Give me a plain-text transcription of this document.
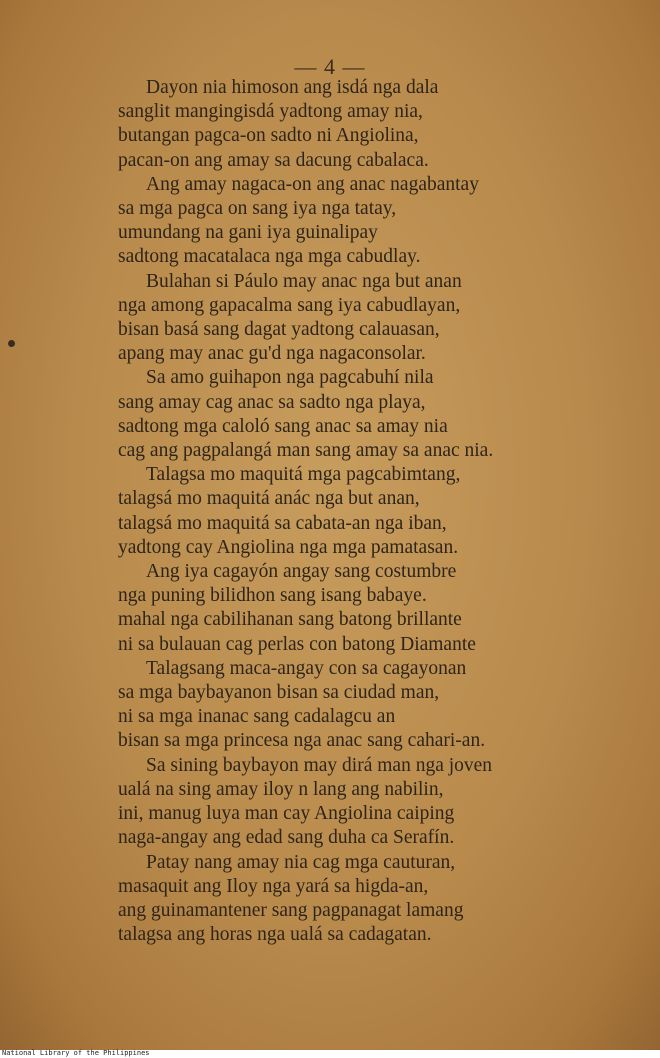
— 4 —
Dayon nia himoson ang isdá nga dala
sanglit mangingisdá yadtong amay nia,
butangan pagca-on sadto ni Angiolina,
pacan-on ang amay sa dacung cabalaca.
Ang amay nagaca-on ang anac nagabantay
sa mga pagca on sang iya nga tatay,
umundang na gani iya guinalipay
sadtong macatalaca nga mga cabudlay.
Bulahan si Páulo may anac nga but anan
nga among gapacalma sang iya cabudlayan,
bisan basá sang dagat yadtong calauasan,
apang may anac gu'd nga nagaconsolar.
Sa amo guihapon nga pagcabuhí nila
sang amay cag anac sa sadto nga playa,
sadtong mga caloló sang anac sa amay nia
cag ang pagpalangá man sang amay sa anac nia.
Talagsa mo maquitá mga pagcabimtang,
talagsá mo maquitá anác nga but anan,
talagsá mo maquitá sa cabata-an nga iban,
yadtong cay Angiolina nga mga pamatasan.
Ang iya cagayón angay sang costumbre
nga puning bilidhon sang isang babaye.
mahal nga cabilihanan sang batong brillante
ni sa bulauan cag perlas con batong Diamante
Talagsang maca-angay con sa cagayonan
sa mga baybayanon bisan sa ciudad man,
ni sa mga inanac sang cadalagcu an
bisan sa mga princesa nga anac sang cahari-an.
Sa sining baybayon may dirá man nga joven
ualá na sing amay iloy n lang ang nabilin,
ini, manug luya man cay Angiolina caiping
naga-angay ang edad sang duha ca Serafín.
Patay nang amay nia cag mga cauturan,
masaquit ang Iloy nga yará sa higda-an,
ang guinamantener sang pagpanagat lamang
talagsa ang horas nga ualá sa cadagatan.
National Library of the Philippines
